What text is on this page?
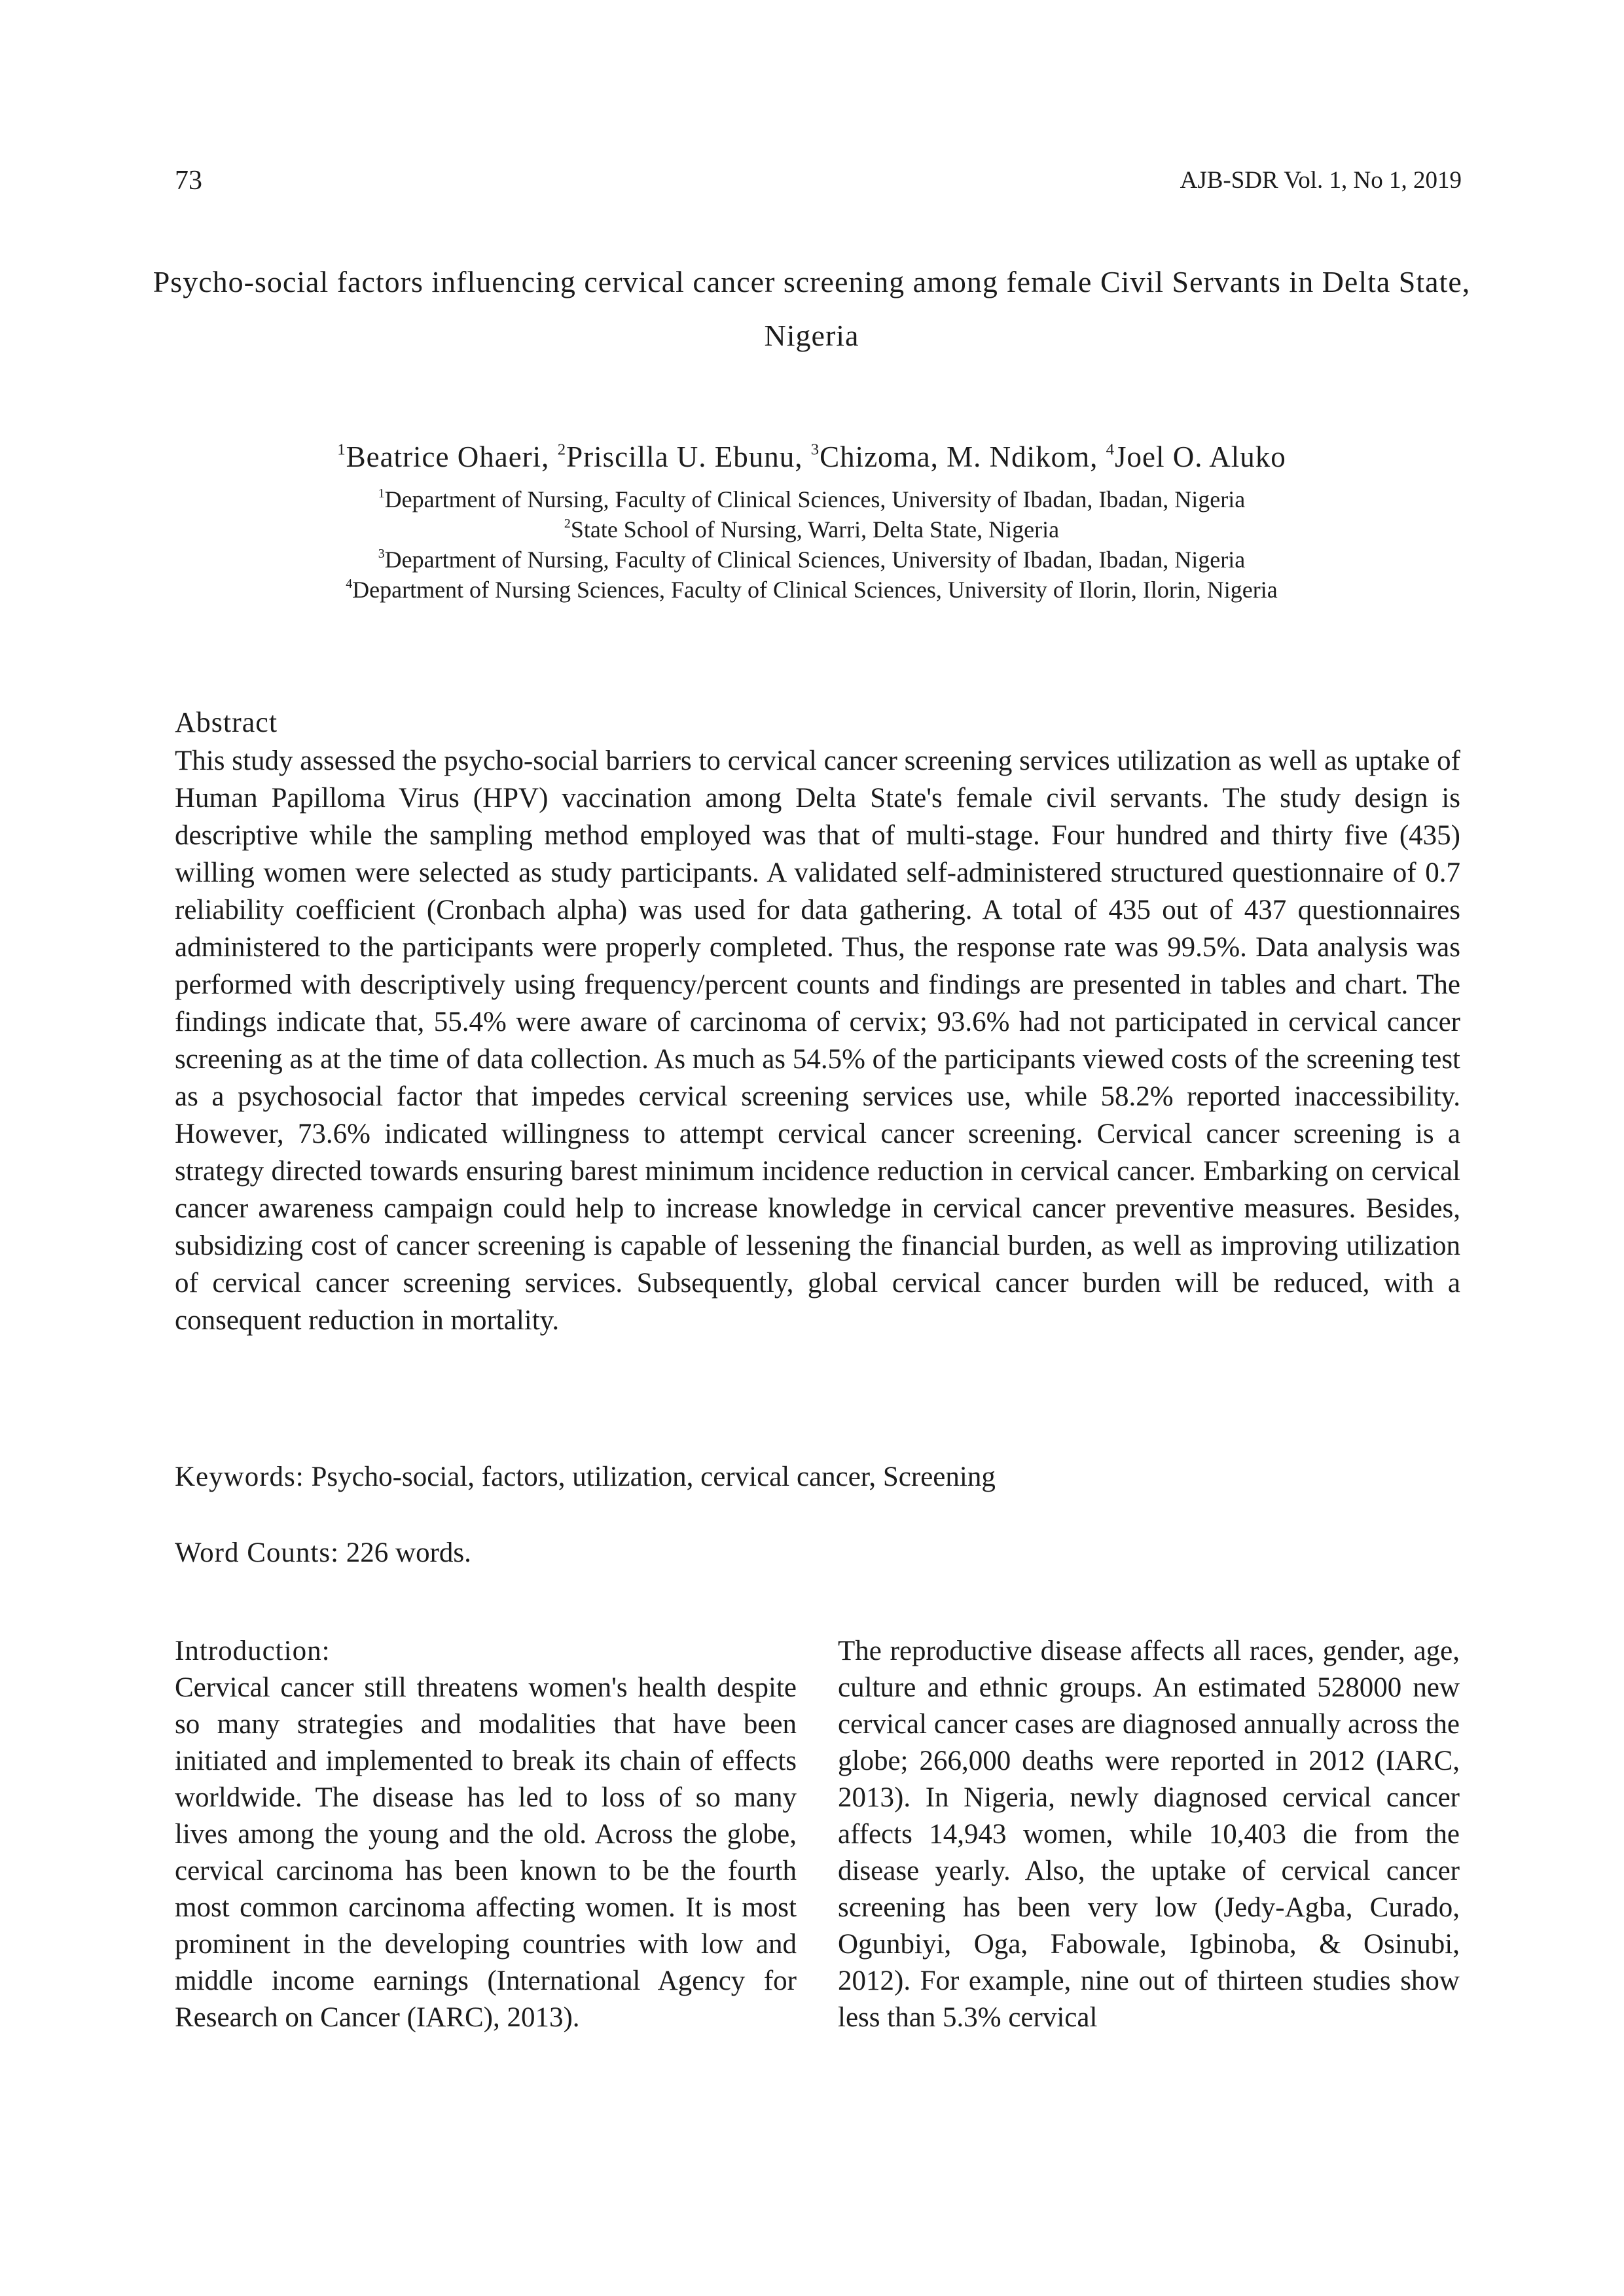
73	AJB-SDR Vol. 1, No 1, 2019
Psycho-social factors influencing cervical cancer screening among female Civil Servants in Delta State, Nigeria
$^1$Beatrice Ohaeri, $^2$Priscilla U. Ebunu, $^3$Chizoma, M. Ndikom, $^4$Joel O. Aluko
$^1$Department of Nursing, Faculty of Clinical Sciences, University of Ibadan, Ibadan, Nigeria
$^2$State School of Nursing, Warri, Delta State, Nigeria
$^3$Department of Nursing, Faculty of Clinical Sciences, University of Ibadan, Ibadan, Nigeria
$^4$Department of Nursing Sciences, Faculty of Clinical Sciences, University of Ilorin, Ilorin, Nigeria
Abstract

This study assessed the psycho-social barriers to cervical cancer screening services utilization as well as uptake of Human Papilloma Virus (HPV) vaccination among Delta State's female civil servants. The study design is descriptive while the sampling method employed was that of multi-stage. Four hundred and thirty five (435) willing women were selected as study participants. A validated self-administered structured questionnaire of 0.7 reliability coefficient (Cronbach alpha) was used for data gathering. A total of 435 out of 437 questionnaires administered to the participants were properly completed. Thus, the response rate was 99.5%. Data analysis was performed with descriptively using frequency/percent counts and findings are presented in tables and chart. The findings indicate that, 55.4% were aware of carcinoma of cervix; 93.6% had not participated in cervical cancer screening as at the time of data collection. As much as 54.5% of the participants viewed costs of the screening test as a psychosocial factor that impedes cervical screening services use, while 58.2% reported inaccessibility. However, 73.6% indicated willingness to attempt cervical cancer screening. Cervical cancer screening is a strategy directed towards ensuring barest minimum incidence reduction in cervical cancer. Embarking on cervical cancer awareness campaign could help to increase knowledge in cervical cancer preventive measures. Besides, subsidizing cost of cancer screening is capable of lessening the financial burden, as well as improving utilization of cervical cancer screening services. Subsequently, global cervical cancer burden will be reduced, with a consequent reduction in mortality.

Keywords: Psycho-social, factors, utilization, cervical cancer, Screening
Word Counts: 226 words.
Introduction:
Cervical cancer still threatens women's health despite so many strategies and modalities that have been initiated and implemented to break its chain of effects worldwide. The disease has led to loss of so many lives among the young and the old. Across the globe, cervical carcinoma has been known to be the fourth most common carcinoma affecting women. It is most prominent in the developing countries with low and middle income earnings (International Agency for Research on Cancer (IARC), 2013).
The reproductive disease affects all races, gender, age, culture and ethnic groups. An estimated 528000 new cervical cancer cases are diagnosed annually across the globe; 266,000 deaths were reported in 2012 (IARC, 2013). In Nigeria, newly diagnosed cervical cancer affects 14,943 women, while 10,403 die from the disease yearly. Also, the uptake of cervical cancer screening has been very low (Jedy-Agba, Curado, Ogunbiyi, Oga, Fabowale, Igbinoba, & Osinubi, 2012). For example, nine out of thirteen studies show less than 5.3% cervical
